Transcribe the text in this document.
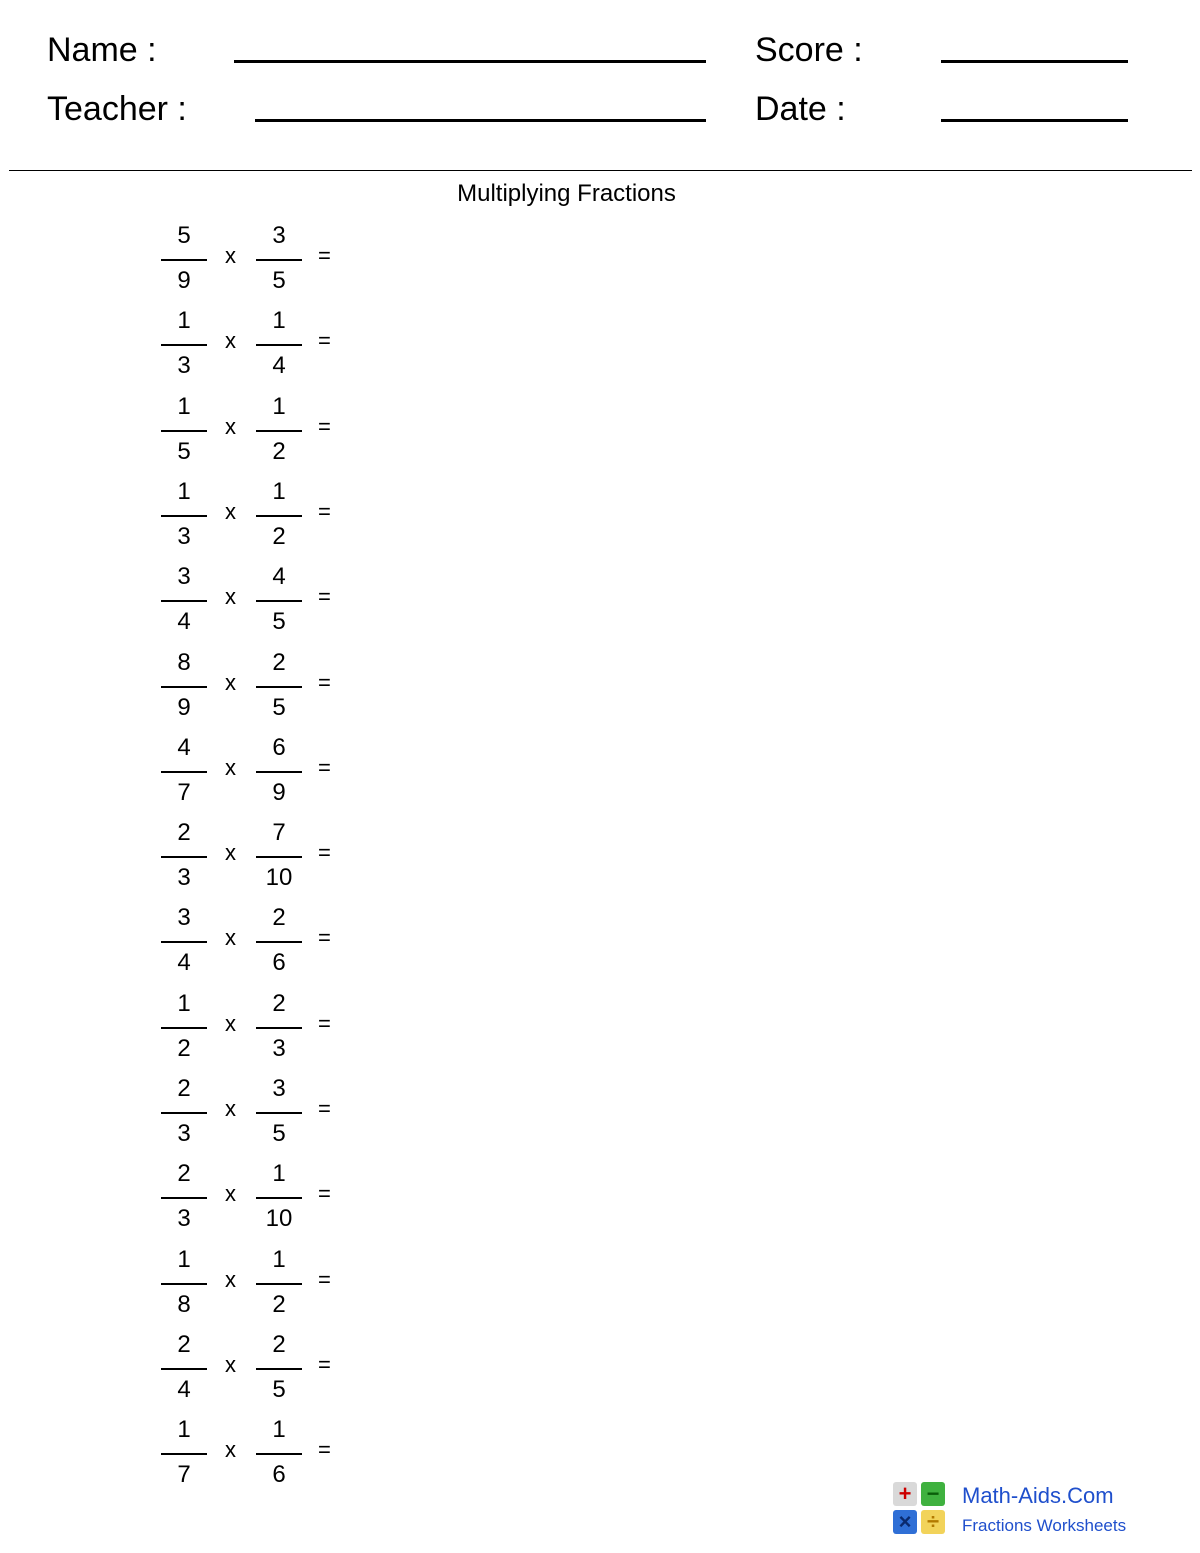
Name :	Score :
Teacher :	Date :
Multiplying Fractions
5
9
x
3
5
=
1
3
x
1
4
=
1
5
x
1
2
=
1
3
x
1
2
=
3
4
x
4
5
=
8
9
x
2
5
=
4
7
x
6
9
=
2
3
x
7
10
=
3
4
x
2
6
=
1
2
x
2
3
=
2
3
x
3
5
=
2
3
x
1
10
=
1
8
x
1
2
=
2
4
x
2
5
=
1
7
x
1
6
=
+ −
× ÷
Math-Aids.Com
Fractions Worksheets
